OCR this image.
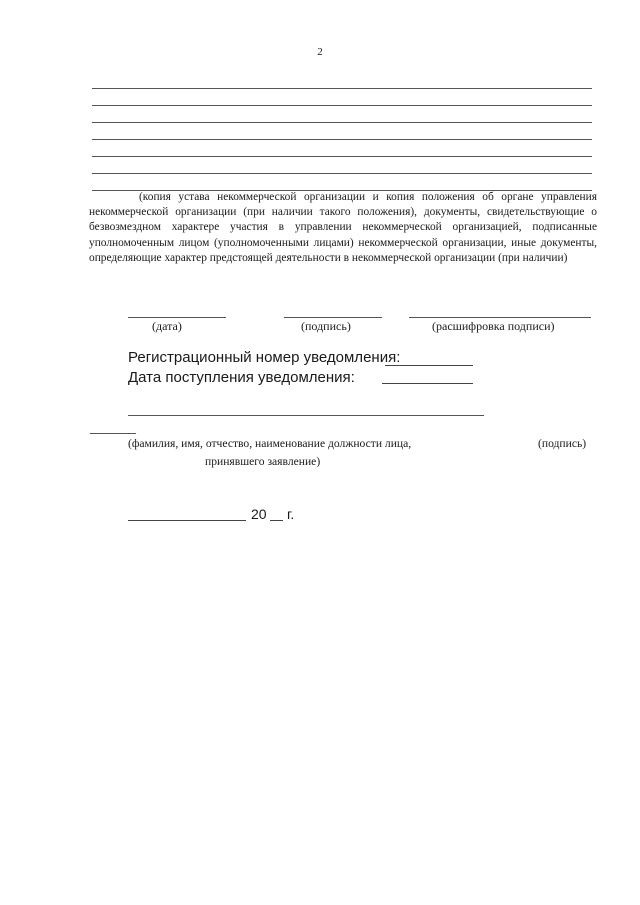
2
(копия устава некоммерческой организации и копия положения об органе управления некоммерческой организации (при наличии такого положения), документы, свидетельствующие о безвозмездном характере участия в управлении некоммерческой организацией, подписанные уполномоченным лицом (уполномоченными лицами) некоммерческой организации, иные документы, определяющие характер предстоящей деятельности в некоммерческой организации (при наличии)
(дата)	(подпись)	(расшифровка подписи)
Регистрационный номер уведомления:
Дата поступления уведомления:
(фамилия, имя, отчество, наименование должности лица,	(подпись)
принявшего заявление)
20 г.
